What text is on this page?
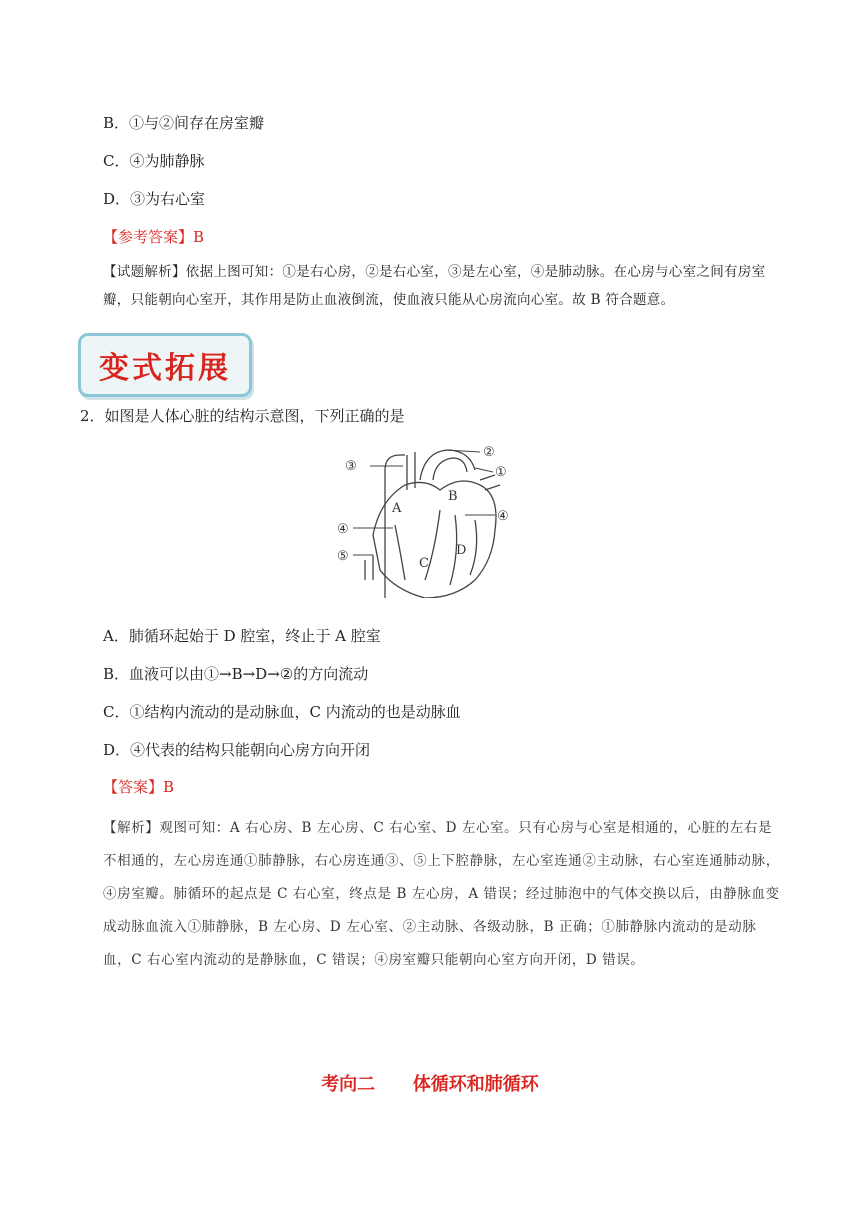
B．①与②间存在房室瓣
C．④为肺静脉
D．③为右心室
【参考答案】B
【试题解析】依据上图可知：①是右心房，②是右心室，③是左心室，④是肺动脉。在心房与心室之间有房室瓣，只能朝向心室开，其作用是防止血液倒流，使血液只能从心房流向心室。故 B 符合题意。
变式拓展
2．如图是人体心脏的结构示意图，下列正确的是
③
②
①
④
④
⑤
A
B
C
D
A．肺循环起始于 D 腔室，终止于 A 腔室
B．血液可以由①→B→D→②的方向流动
C．①结构内流动的是动脉血，C 内流动的也是动脉血
D．④代表的结构只能朝向心房方向开闭
【答案】B
【解析】观图可知：A 右心房、B 左心房、C 右心室、D 左心室。只有心房与心室是相通的，心脏的左右是不相通的，左心房连通①肺静脉，右心房连通③、⑤上下腔静脉，左心室连通②主动脉，右心室连通肺动脉，④房室瓣。肺循环的起点是 C 右心室，终点是 B 左心房，A 错误；经过肺泡中的气体交换以后，由静脉血变成动脉血流入①肺静脉，B 左心房、D 左心室、②主动脉、各级动脉，B 正确；①肺静脉内流动的是动脉血，C 右心室内流动的是静脉血，C 错误；④房室瓣只能朝向心室方向开闭，D 错误。
考向二      体循环和肺循环
